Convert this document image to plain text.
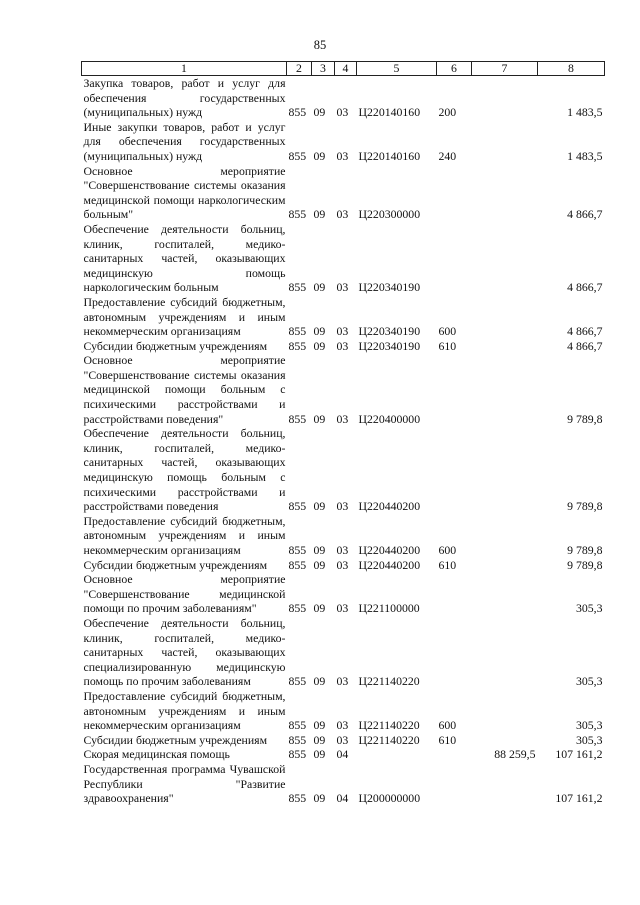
85
1	2	3	4	5	6	7	8
Закупка товаров, работ и услуг для обеспечения государственных (муниципальных) нужд	855	09	03	Ц220140160	200		1 483,5
Иные закупки товаров, работ и услуг для обеспечения государственных (муниципальных) нужд	855	09	03	Ц220140160	240		1 483,5
Основное мероприятие "Совершенствование системы оказания медицинской помощи наркологическим больным"	855	09	03	Ц220300000			4 866,7
Обеспечение деятельности больниц, клиник, госпиталей, медико-санитарных частей, оказывающих медицинскую помощь наркологическим больным	855	09	03	Ц220340190			4 866,7
Предоставление субсидий бюджетным, автономным учреждениям и иным некоммерческим организациям	855	09	03	Ц220340190	600		4 866,7
Субсидии бюджетным учреждениям	855	09	03	Ц220340190	610		4 866,7
Основное мероприятие "Совершенствование системы оказания медицинской помощи больным с психическими расстройствами и расстройствами поведения"	855	09	03	Ц220400000			9 789,8
Обеспечение деятельности больниц, клиник, госпиталей, медико-санитарных частей, оказывающих медицинскую помощь больным с психическими расстройствами и расстройствами поведения	855	09	03	Ц220440200			9 789,8
Предоставление субсидий бюджетным, автономным учреждениям и иным некоммерческим организациям	855	09	03	Ц220440200	600		9 789,8
Субсидии бюджетным учреждениям	855	09	03	Ц220440200	610		9 789,8
Основное мероприятие "Совершенствование медицинской помощи по прочим заболеваниям"	855	09	03	Ц221100000			305,3
Обеспечение деятельности больниц, клиник, госпиталей, медико-санитарных частей, оказывающих специализированную медицинскую помощь по прочим заболеваниям	855	09	03	Ц221140220			305,3
Предоставление субсидий бюджетным, автономным учреждениям и иным некоммерческим организациям	855	09	03	Ц221140220	600		305,3
Субсидии бюджетным учреждениям	855	09	03	Ц221140220	610		305,3
Скорая медицинская помощь	855	09	04			88 259,5	107 161,2
Государственная программа Чувашской Республики "Развитие здравоохранения"	855	09	04	Ц200000000			107 161,2
